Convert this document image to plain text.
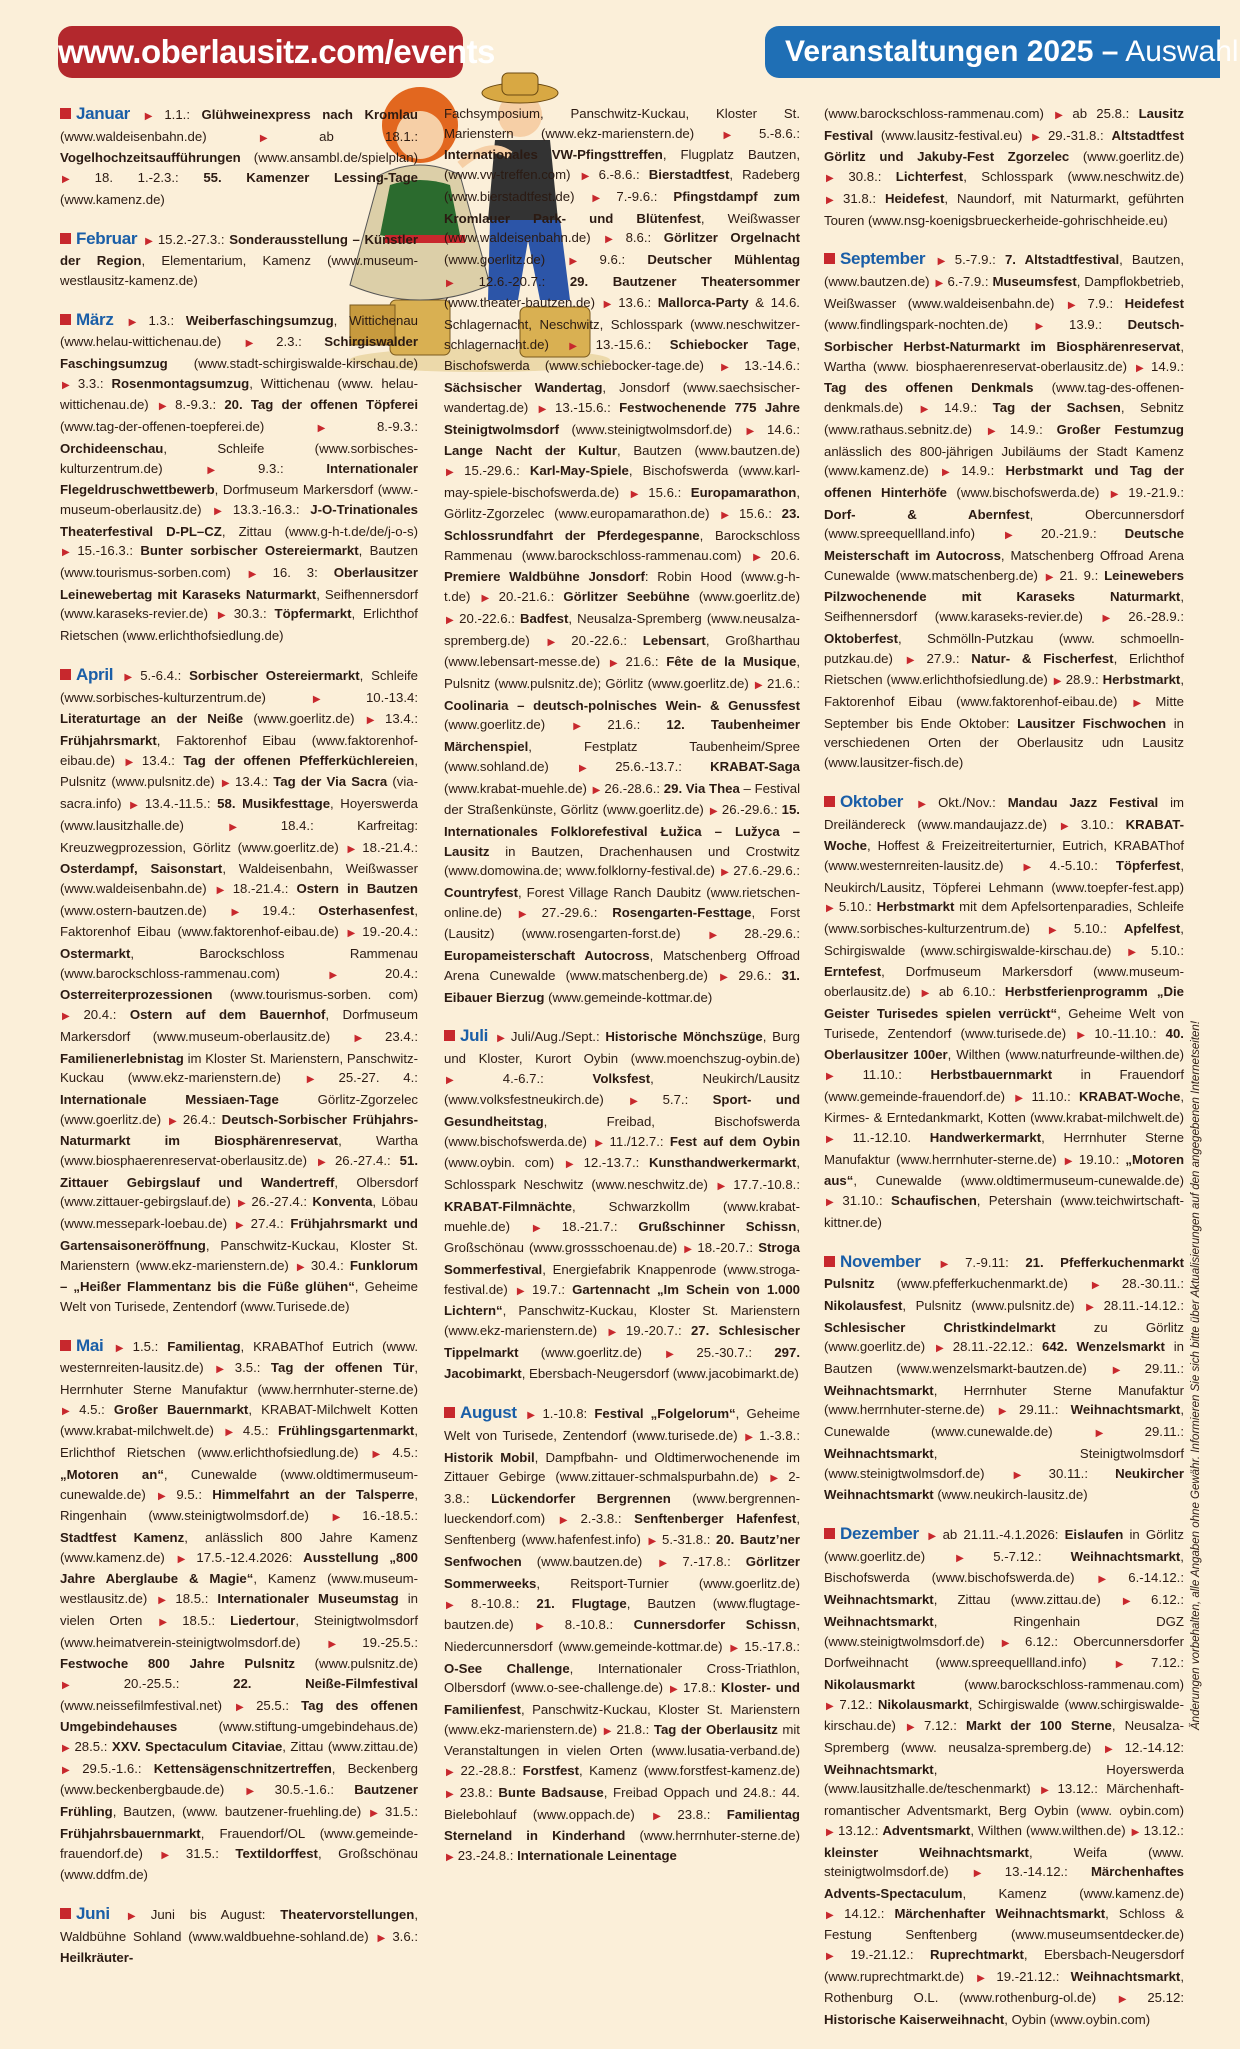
www.oberlausitz.com/events	Veranstaltungen 2025 – Auswahl
Januar	▶ 1.1.: Glühweinexpress nach Kromlau (www.waldeisenbahn.de)	▶ ab 18.1.: Vogelhochzeitsaufführungen (www.ansambl.de/spielplan) ▶ 18. 1.-2.3.: 55. Kamenzer Lessing-Tage (www.kamenz.de)
Februar ▶ 15.2.-27.3.: Sonderausstellung – Künstler der Region, Elementarium, Kamenz (www.museum-westlausitz-kamenz.de)
März	▶ 1.3.: Weiberfaschingsumzug, Wittichenau (www.helau-wittichenau.de) ▶ 2.3.: Schirgiswalder Faschingsumzug (www.stadt-schirgiswalde-kirschau.de) ▶ 3.3.: Rosenmontagsumzug, Wittichenau (www. helau-wittichenau.de) ▶ 8.-9.3.: 20. Tag der offenen Töpferei (www.tag-der-offenen-toepferei.de)	▶ 8.-9.3.: Orchideenschau, Schleife (www.sorbisches-kulturzentrum.de)	▶ 9.3.: Internationaler Flegeldruschwettbewerb, Dorfmuseum Markersdorf (www.-museum-oberlausitz.de) ▶ 13.3.-16.3.: J-O-Trinationales Theaterfestival D-PL–CZ, Zittau (www.g-h-t.de/de/j-o-s) ▶ 15.-16.3.: Bunter sorbischer Ostereiermarkt, Bautzen (www.tourismus-sorben.com) ▶ 16. 3: Oberlausitzer Leinewebertag mit Karaseks Naturmarkt, Seifhennersdorf (www.karaseks-revier.de) ▶ 30.3.: Töpfermarkt, Erlichthof Rietschen (www.erlichthofsiedlung.de)
April ▶ 5.-6.4.: Sorbischer Ostereiermarkt, Schleife (www.sorbisches-kulturzentrum.de)	▶ 10.-13.4: Literaturtage an der Neiße (www.goerlitz.de) ▶ 13.4.: Frühjahrsmarkt, Faktorenhof Eibau (www.faktorenhof-eibau.de) ▶ 13.4.: Tag der offenen Pfefferküchlereien, Pulsnitz (www.pulsnitz.de) ▶ 13.4.: Tag der Via Sacra (via-sacra.info) ▶ 13.4.-11.5.: 58. Musikfesttage, Hoyerswerda (www.lausitzhalle.de)	▶ 18.4.: Karfreitag: Kreuzwegprozession, Görlitz (www.goerlitz.de) ▶ 18.-21.4.: Osterdampf, Saisonstart, Waldeisenbahn, Weißwasser (www.waldeisenbahn.de) ▶ 18.-21.4.: Ostern in Bautzen (www.ostern-bautzen.de) ▶ 19.4.: Osterhasenfest, Faktorenhof Eibau (www.faktorenhof-eibau.de) ▶ 19.-20.4.: Ostermarkt, Barockschloss Rammenau (www.barockschloss-rammenau.com)	▶ 20.4.: Osterreiterprozessionen (www.tourismus-sorben. com) ▶ 20.4.: Ostern auf dem Bauernhof, Dorfmuseum Markersdorf (www.museum-oberlausitz.de) ▶ 23.4.: Familienerlebnistag im Kloster St. Marienstern, Panschwitz-Kuckau (www.ekz-marienstern.de)	▶ 25.-27. 4.: Internationale Messiaen-Tage Görlitz-Zgorzelec (www.goerlitz.de) ▶ 26.4.: Deutsch-Sorbischer Frühjahrs-Naturmarkt im Biosphärenreservat, Wartha (www.biosphaerenreservat-oberlausitz.de) ▶ 26.-27.4.: 51. Zittauer Gebirgslauf und Wandertreff, Olbersdorf (www.zittauer-gebirgslauf.de) ▶ 26.-27.4.: Konventa, Löbau (www.messepark-loebau.de) ▶ 27.4.: Frühjahrsmarkt und Gartensaisoneröffnung, Panschwitz-Kuckau, Kloster St. Marienstern (www.ekz-marienstern.de) ▶ 30.4.: Funklorum – „Heißer Flammentanz bis die Füße glühen“, Geheime Welt von Turisede, Zentendorf (www.Turisede.de)
Mai ▶ 1.5.: Familientag, KRABAThof Eutrich (www. westernreiten-lausitz.de) ▶ 3.5.: Tag der offenen Tür, Herrnhuter Sterne Manufaktur (www.herrnhuter-sterne.de) ▶ 4.5.: Großer Bauernmarkt, KRABAT-Milchwelt Kotten (www.krabat-milchwelt.de) ▶ 4.5.: Frühlingsgartenmarkt, Erlichthof Rietschen (www.erlichthofsiedlung.de) ▶ 4.5.: „Motoren an“, Cunewalde (www.oldtimermuseum-cunewalde.de) ▶ 9.5.: Himmelfahrt an der Talsperre, Ringenhain (www.steinigtwolmsdorf.de) ▶ 16.-18.5.: Stadtfest Kamenz, anlässlich 800 Jahre Kamenz (www.kamenz.de) ▶ 17.5.-12.4.2026: Ausstellung „800 Jahre Aberglaube & Magie“, Kamenz (www.museum-westlausitz.de) ▶ 18.5.: Internationaler Museumstag in vielen Orten ▶ 18.5.: Liedertour, Steinigtwolmsdorf (www.heimatverein-steinigtwolmsdorf.de)	▶ 19.-25.5.: Festwoche 800 Jahre Pulsnitz (www.pulsnitz.de) ▶ 20.-25.5.: 22. Neiße-Filmfestival (www.neissefilmfestival.net) ▶ 25.5.: Tag des offenen Umgebindehauses (www.stiftung-umgebindehaus.de) ▶ 28.5.: XXV. Spectaculum Citaviae, Zittau (www.zittau.de) ▶ 29.5.-1.6.: Kettensägenschnitzertreffen, Beckenberg (www.beckenbergbaude.de) ▶ 30.5.-1.6.: Bautzener Frühling, Bautzen, (www. bautzener-fruehling.de) ▶ 31.5.: Frühjahrsbauernmarkt, Frauendorf/OL (www.gemeinde-frauendorf.de) ▶ 31.5.: Textildorffest, Großschönau (www.ddfm.de)
Juni	▶ Juni bis August: Theatervorstellungen, Waldbühne Sohland (www.waldbuehne-sohland.de) ▶ 3.6.: Heilkräuter-
Fachsymposium, Panschwitz-Kuckau, Kloster St. Marienstern (www.ekz-marienstern.de)	▶ 5.-8.6.: Internationales VW-Pfingsttreffen, Flugplatz Bautzen, (www.vw-treffen.com) ▶ 6.-8.6.: Bierstadtfest, Radeberg (www.bierstadtfest.de) ▶ 7.-9.6.: Pfingstdampf zum Kromlauer Park- und Blütenfest, Weißwasser (www.waldeisenbahn.de) ▶ 8.6.: Görlitzer Orgelnacht (www.goerlitz.de) ▶ 9.6.: Deutscher Mühlentag ▶ 12.6.-20.7.: 29. Bautzener Theatersommer (www.theater-bautzen.de) ▶ 13.6.: Mallorca-Party & 14.6. Schlagernacht, Neschwitz, Schlosspark (www.neschwitzer-schlagernacht.de) ▶ 13.-15.6.: Schiebocker Tage, Bischofswerda (www.schiebocker-tage.de) ▶ 13.-14.6.: Sächsischer Wandertag, Jonsdorf (www.saechsischer-wandertag.de) ▶ 13.-15.6.: Festwochenende 775 Jahre Steinigtwolmsdorf (www.steinigtwolmsdorf.de) ▶ 14.6.: Lange Nacht der Kultur, Bautzen (www.bautzen.de) ▶ 15.-29.6.: Karl-May-Spiele, Bischofswerda (www.karl-may-spiele-bischofswerda.de) ▶ 15.6.: Europamarathon, Görlitz-Zgorzelec (www.europamarathon.de) ▶ 15.6.: 23. Schlossrundfahrt der Pferdegespanne, Barockschloss Rammenau (www.barockschloss-rammenau.com) ▶ 20.6. Premiere Waldbühne Jonsdorf: Robin Hood (www.g-h-t.de) ▶ 20.-21.6.: Görlitzer Seebühne (www.goerlitz.de) ▶ 20.-22.6.: Badfest, Neusalza-Spremberg (www.neusalza-spremberg.de) ▶ 20.-22.6.: Lebensart, Großharthau (www.lebensart-messe.de) ▶ 21.6.: Fête de la Musique, Pulsnitz (www.pulsnitz.de); Görlitz (www.goerlitz.de) ▶ 21.6.: Coolinaria – deutsch-polnisches Wein- & Genussfest (www.goerlitz.de)	▶ 21.6.: 12. Taubenheimer Märchenspiel, Festplatz Taubenheim/Spree (www.sohland.de)	▶ 25.6.-13.7.: KRABAT-Saga (www.krabat-muehle.de) ▶ 26.-28.6.: 29. Via Thea – Festival der Straßenkünste, Görlitz (www.goerlitz.de) ▶ 26.-29.6.: 15. Internationales Folklorefestival Łužica – Lužyca – Lausitz in Bautzen, Drachenhausen und Crostwitz (www.domowina.de; www.folklorny-festival.de) ▶ 27.6.-29.6.: Countryfest, Forest Village Ranch Daubitz (www.rietschen-online.de) ▶ 27.-29.6.: Rosengarten-Festtage, Forst (Lausitz) (www.rosengarten-forst.de)	▶ 28.-29.6.: Europameisterschaft Autocross, Matschenberg Offroad Arena Cunewalde (www.matschenberg.de) ▶ 29.6.: 31. Eibauer Bierzug (www.gemeinde-kottmar.de)
Juli ▶ Juli/Aug./Sept.: Historische Mönchszüge, Burg und Kloster, Kurort Oybin (www.moenchszug-oybin.de) ▶ 4.-6.7.: Volksfest, Neukirch/Lausitz (www.volksfestneukirch.de)	▶ 5.7.: Sport- und Gesundheitstag, Freibad, Bischofswerda (www.bischofswerda.de) ▶ 11./12.7.: Fest auf dem Oybin (www.oybin. com) ▶ 12.-13.7.: Kunsthandwerkermarkt, Schlosspark Neschwitz (www.neschwitz.de) ▶ 17.7.-10.8.: KRABAT-Filmnächte, Schwarzkollm (www.krabat-muehle.de) ▶ 18.-21.7.: Grußschinner Schissn, Großschönau (www.grossschoenau.de) ▶ 18.-20.7.: Stroga Sommerfestival, Energiefabrik Knappenrode (www.stroga-festival.de) ▶ 19.7.: Gartennacht „Im Schein von 1.000 Lichtern“, Panschwitz-Kuckau, Kloster St. Marienstern (www.ekz-marienstern.de) ▶ 19.-20.7.: 27. Schlesischer Tippelmarkt (www.goerlitz.de) ▶ 25.-30.7.: 297. Jacobimarkt, Ebersbach-Neugersdorf (www.jacobimarkt.de)
August ▶ 1.-10.8: Festival „Folgelorum“, Geheime Welt von Turisede, Zentendorf (www.turisede.de) ▶ 1.-3.8.: Historik Mobil, Dampfbahn- und Oldtimerwochenende im Zittauer Gebirge (www.zittauer-schmalspurbahn.de) ▶ 2-3.8.: Lückendorfer Bergrennen (www.bergrennen-lueckendorf.com) ▶ 2.-3.8.: Senftenberger Hafenfest, Senftenberg (www.hafenfest.info) ▶ 5.-31.8.: 20. Bautz’ner Senfwochen (www.bautzen.de) ▶ 7.-17.8.: Görlitzer Sommerweeks, Reitsport-Turnier (www.goerlitz.de) ▶ 8.-10.8.: 21. Flugtage, Bautzen (www.flugtage-bautzen.de) ▶ 8.-10.8.: Cunnersdorfer Schissn, Niedercunnersdorf (www.gemeinde-kottmar.de) ▶ 15.-17.8.: O-See Challenge, Internationaler Cross-Triathlon, Olbersdorf (www.o-see-challenge.de) ▶ 17.8.: Kloster- und Familienfest, Panschwitz-Kuckau, Kloster St. Marienstern (www.ekz-marienstern.de) ▶ 21.8.: Tag der Oberlausitz mit Veranstaltungen in vielen Orten (www.lusatia-verband.de) ▶ 22.-28.8.: Forstfest, Kamenz (www.forstfest-kamenz.de) ▶ 23.8.: Bunte Badsause, Freibad Oppach und 24.8.: 44. Bielebohlauf (www.oppach.de) ▶ 23.8.: Familientag Sterneland in Kinderhand (www.herrnhuter-sterne.de) ▶ 23.-24.8.: Internationale Leinentage
(www.barockschloss-rammenau.com) ▶ ab 25.8.: Lausitz Festival (www.lausitz-festival.eu) ▶ 29.-31.8.: Altstadtfest Görlitz und Jakuby-Fest Zgorzelec (www.goerlitz.de) ▶ 30.8.: Lichterfest, Schlosspark (www.neschwitz.de) ▶ 31.8.: Heidefest, Naundorf, mit Naturmarkt, geführten Touren (www.nsg-koenigsbrueckerheide-gohrischheide.eu)
September ▶ 5.-7.9.: 7. Altstadtfestival, Bautzen, (www.bautzen.de) ▶ 6.-7.9.: Museumsfest, Dampflokbetrieb, Weißwasser (www.waldeisenbahn.de) ▶ 7.9.: Heidefest (www.findlingspark-nochten.de)	▶ 13.9.: Deutsch-Sorbischer Herbst-Naturmarkt im Biosphärenreservat, Wartha (www. biosphaerenreservat-oberlausitz.de) ▶ 14.9.: Tag des offenen Denkmals (www.tag-des-offenen-denkmals.de) ▶ 14.9.: Tag der Sachsen, Sebnitz (www.rathaus.sebnitz.de) ▶ 14.9.: Großer Festumzug anlässlich des 800-jährigen Jubiläums der Stadt Kamenz (www.kamenz.de) ▶ 14.9.: Herbstmarkt und Tag der offenen Hinterhöfe (www.bischofswerda.de) ▶ 19.-21.9.: Dorf- & Abernfest, Obercunnersdorf (www.spreequellland.info)	▶ 20.-21.9.: Deutsche Meisterschaft im Autocross, Matschenberg Offroad Arena Cunewalde (www.matschenberg.de) ▶ 21. 9.: Leinewebers Pilzwochenende mit Karaseks Naturmarkt, Seifhennersdorf (www.karaseks-revier.de) ▶ 26.-28.9.: Oktoberfest, Schmölln-Putzkau (www. schmoelln-putzkau.de) ▶ 27.9.: Natur- & Fischerfest, Erlichthof Rietschen (www.erlichthofsiedlung.de) ▶ 28.9.: Herbstmarkt, Faktorenhof Eibau (www.faktorenhof-eibau.de) ▶ Mitte September bis Ende Oktober: Lausitzer Fischwochen in verschiedenen Orten der Oberlausitz udn Lausitz (www.lausitzer-fisch.de)
Oktober	▶ Okt./Nov.: Mandau Jazz Festival im Dreiländereck (www.mandaujazz.de) ▶ 3.10.: KRABAT-Woche, Hoffest & Freizeitreiterturnier, Eutrich, KRABAThof (www.westernreiten-lausitz.de) ▶ 4.-5.10.: Töpferfest, Neukirch/Lausitz, Töpferei Lehmann (www.toepfer-fest.app) ▶ 5.10.: Herbstmarkt mit dem Apfelsortenparadies, Schleife (www.sorbisches-kulturzentrum.de) ▶ 5.10.: Apfelfest, Schirgiswalde (www.schirgiswalde-kirschau.de) ▶ 5.10.: Erntefest, Dorfmuseum Markersdorf (www.museum-oberlausitz.de) ▶ ab 6.10.: Herbstferienprogramm „Die Geister Turisedes spielen verrückt“, Geheime Welt von Turisede, Zentendorf (www.turisede.de) ▶ 10.-11.10.: 40. Oberlausitzer 100er, Wilthen (www.naturfreunde-wilthen.de) ▶ 11.10.: Herbstbauernmarkt in Frauendorf (www.gemeinde-frauendorf.de) ▶ 11.10.: KRABAT-Woche, Kirmes- & Erntedankmarkt, Kotten (www.krabat-milchwelt.de) ▶ 11.-12.10. Handwerkermarkt, Herrnhuter Sterne Manufaktur (www.herrnhuter-sterne.de) ▶ 19.10.: „Motoren aus“, Cunewalde (www.oldtimermuseum-cunewalde.de) ▶ 31.10.: Schaufischen, Petershain (www.teichwirtschaft-kittner.de)
November	▶ 7.-9.11: 21. Pfefferkuchenmarkt Pulsnitz (www.pfefferkuchenmarkt.de) ▶ 28.-30.11.: Nikolausfest, Pulsnitz (www.pulsnitz.de) ▶ 28.11.-14.12.: Schlesischer Christkindelmarkt zu Görlitz (www.goerlitz.de) ▶ 28.11.-22.12.: 642. Wenzelsmarkt in Bautzen (www.wenzelsmarkt-bautzen.de)	▶ 29.11.: Weihnachtsmarkt, Herrnhuter Sterne Manufaktur (www.herrnhuter-sterne.de) ▶ 29.11.: Weihnachtsmarkt, Cunewalde (www.cunewalde.de)	▶ 29.11.: Weihnachtsmarkt, Steinigtwolmsdorf (www.steinigtwolmsdorf.de)	▶ 30.11.: Neukircher Weihnachtsmarkt (www.neukirch-lausitz.de)
Dezember ▶ ab 21.11.-4.1.2026: Eislaufen in Görlitz (www.goerlitz.de)	▶ 5.-7.12.: Weihnachtsmarkt, Bischofswerda (www.bischofswerda.de) ▶ 6.-14.12.: Weihnachtsmarkt, Zittau (www.zittau.de) ▶ 6.12.: Weihnachtsmarkt, Ringenhain DGZ (www.steinigtwolmsdorf.de) ▶ 6.12.: Obercunnersdorfer Dorfweihnacht (www.spreequellland.info)	▶ 7.12.: Nikolausmarkt (www.barockschloss-rammenau.com) ▶ 7.12.: Nikolausmarkt, Schirgiswalde (www.schirgiswalde-kirschau.de) ▶ 7.12.: Markt der 100 Sterne, Neusalza-Spremberg (www. neusalza-spremberg.de) ▶ 12.-14.12: Weihnachtsmarkt, Hoyerswerda (www.lausitzhalle.de/teschenmarkt) ▶ 13.12.: Märchenhaft-romantischer Adventsmarkt, Berg Oybin (www. oybin.com) ▶ 13.12.: Adventsmarkt, Wilthen (www.wilthen.de) ▶ 13.12.: kleinster Weihnachtsmarkt, Weifa (www. steinigtwolmsdorf.de)	▶ 13.-14.12.: Märchenhaftes Advents-Spectaculum, Kamenz (www.kamenz.de) ▶ 14.12.: Märchenhafter Weihnachtsmarkt, Schloss & Festung Senftenberg (www.museumsentdecker.de) ▶ 19.-21.12.: Ruprechtmarkt, Ebersbach-Neugersdorf (www.ruprechtmarkt.de) ▶ 19.-21.12.: Weihnachtsmarkt, Rothenburg O.L. (www.rothenburg-ol.de) ▶ 25.12: Historische Kaiserweihnacht, Oybin (www.oybin.com)
Änderungen vorbehalten, alle Angaben ohne Gewähr. Informieren Sie sich bitte über Aktualisierungen auf den angegebenen Internetseiten!
